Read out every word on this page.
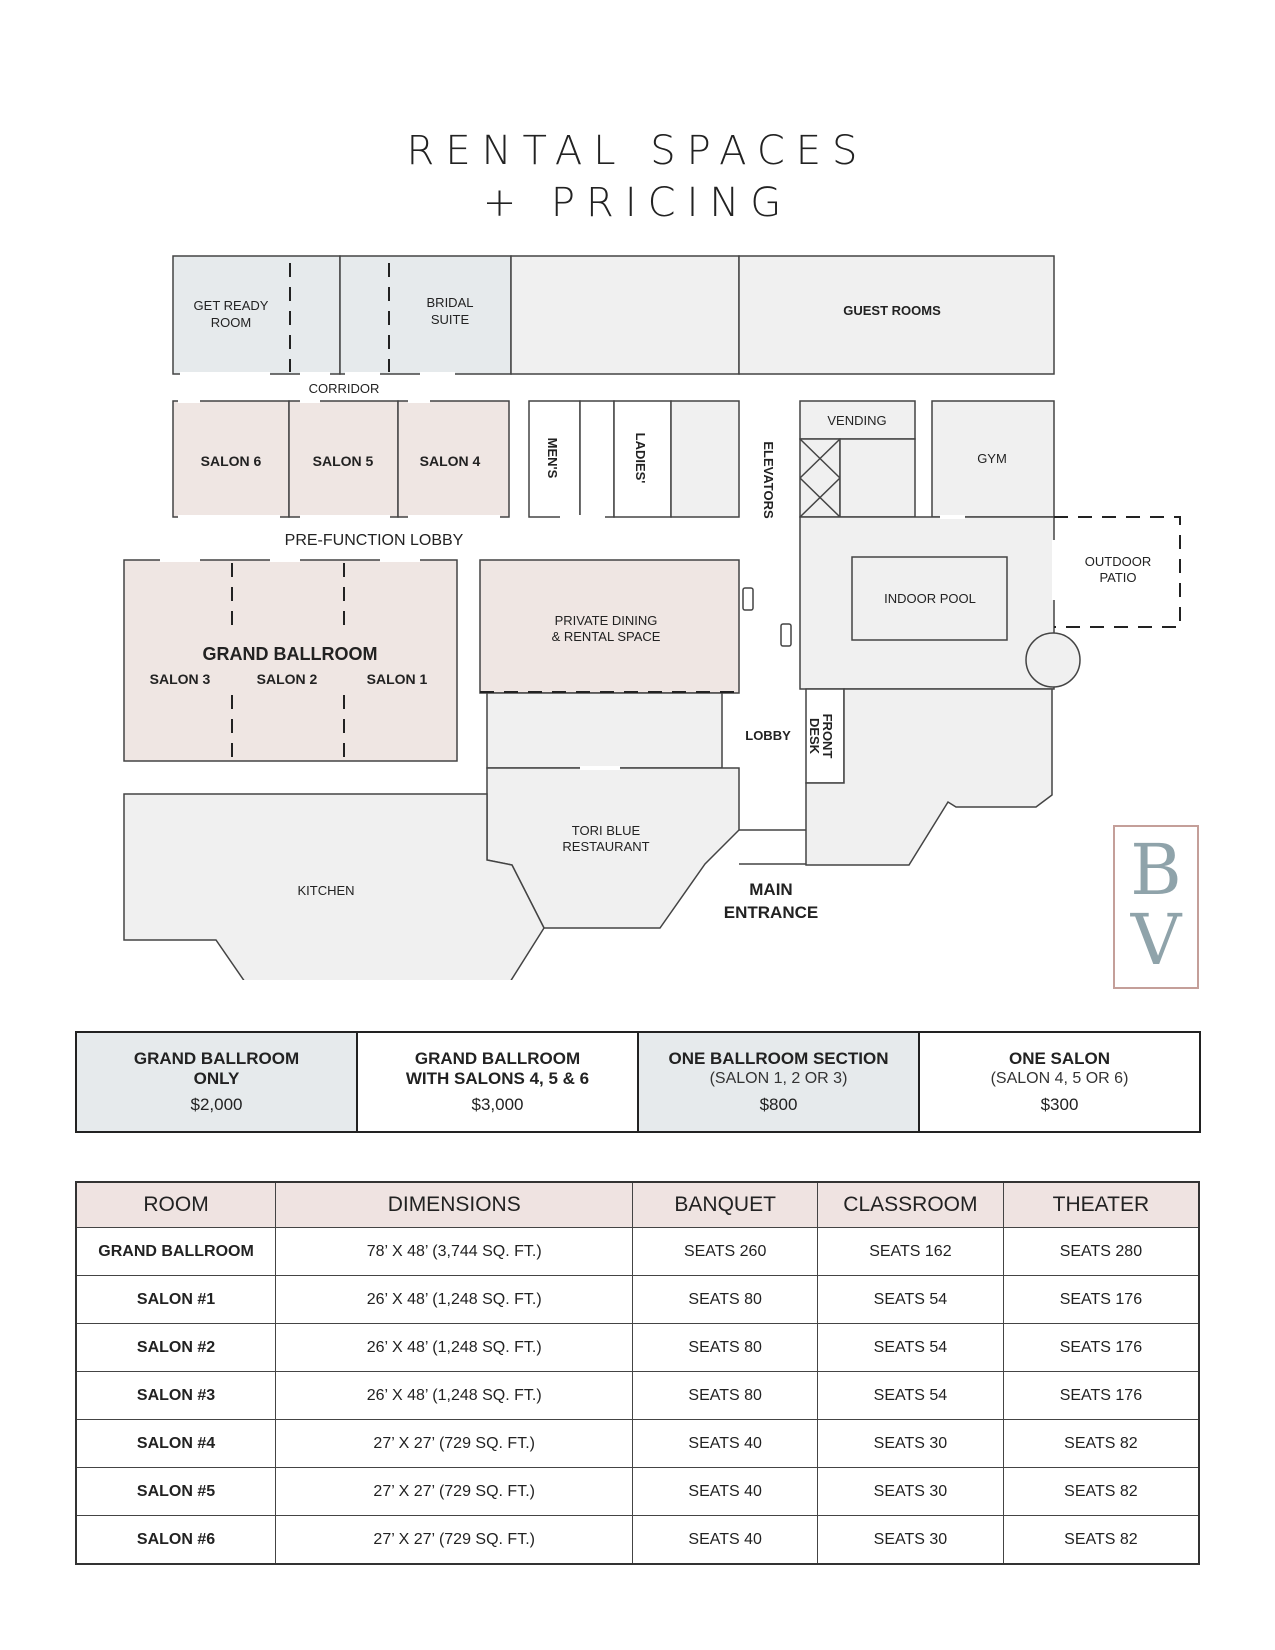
RENTAL SPACES
+ PRICING
GET READY
ROOM
BRIDAL
SUITE
GUEST ROOMS
CORRIDOR
SALON 6	SALON 5	SALON 4	MEN'S	LADIES'	ELEVATORS
VENDING
GYM
PRE-FUNCTION LOBBY
OUTDOOR
PATIO
INDOOR POOL
GRAND BALLROOM
SALON 3	SALON 2	SALON 1
PRIVATE DINING
& RENTAL SPACE
LOBBY FRONT
DESK
TORI BLUE
RESTAURANT
KITCHEN	MAIN
ENTRANCE
B
V
GRAND BALLROOM
ONLY
$2,000
GRAND BALLROOM
WITH SALONS 4, 5 & 6
$3,000
ONE BALLROOM SECTION
(SALON 1, 2 OR 3)
$800
ONE SALON
(SALON 4, 5 OR 6)
$300
ROOM	DIMENSIONS	BANQUET	CLASSROOM	THEATER
GRAND BALLROOM	78’ X 48’ (3,744 SQ. FT.)	SEATS 260	SEATS 162	SEATS 280
SALON #1	26’ X 48’ (1,248 SQ. FT.)	SEATS 80	SEATS 54	SEATS 176
SALON #2	26’ X 48’ (1,248 SQ. FT.)	SEATS 80	SEATS 54	SEATS 176
SALON #3	26’ X 48’ (1,248 SQ. FT.)	SEATS 80	SEATS 54	SEATS 176
SALON #4	27’ X 27’ (729 SQ. FT.)	SEATS 40	SEATS 30	SEATS 82
SALON #5	27’ X 27’ (729 SQ. FT.)	SEATS 40	SEATS 30	SEATS 82
SALON #6	27’ X 27’ (729 SQ. FT.)	SEATS 40	SEATS 30	SEATS 82
